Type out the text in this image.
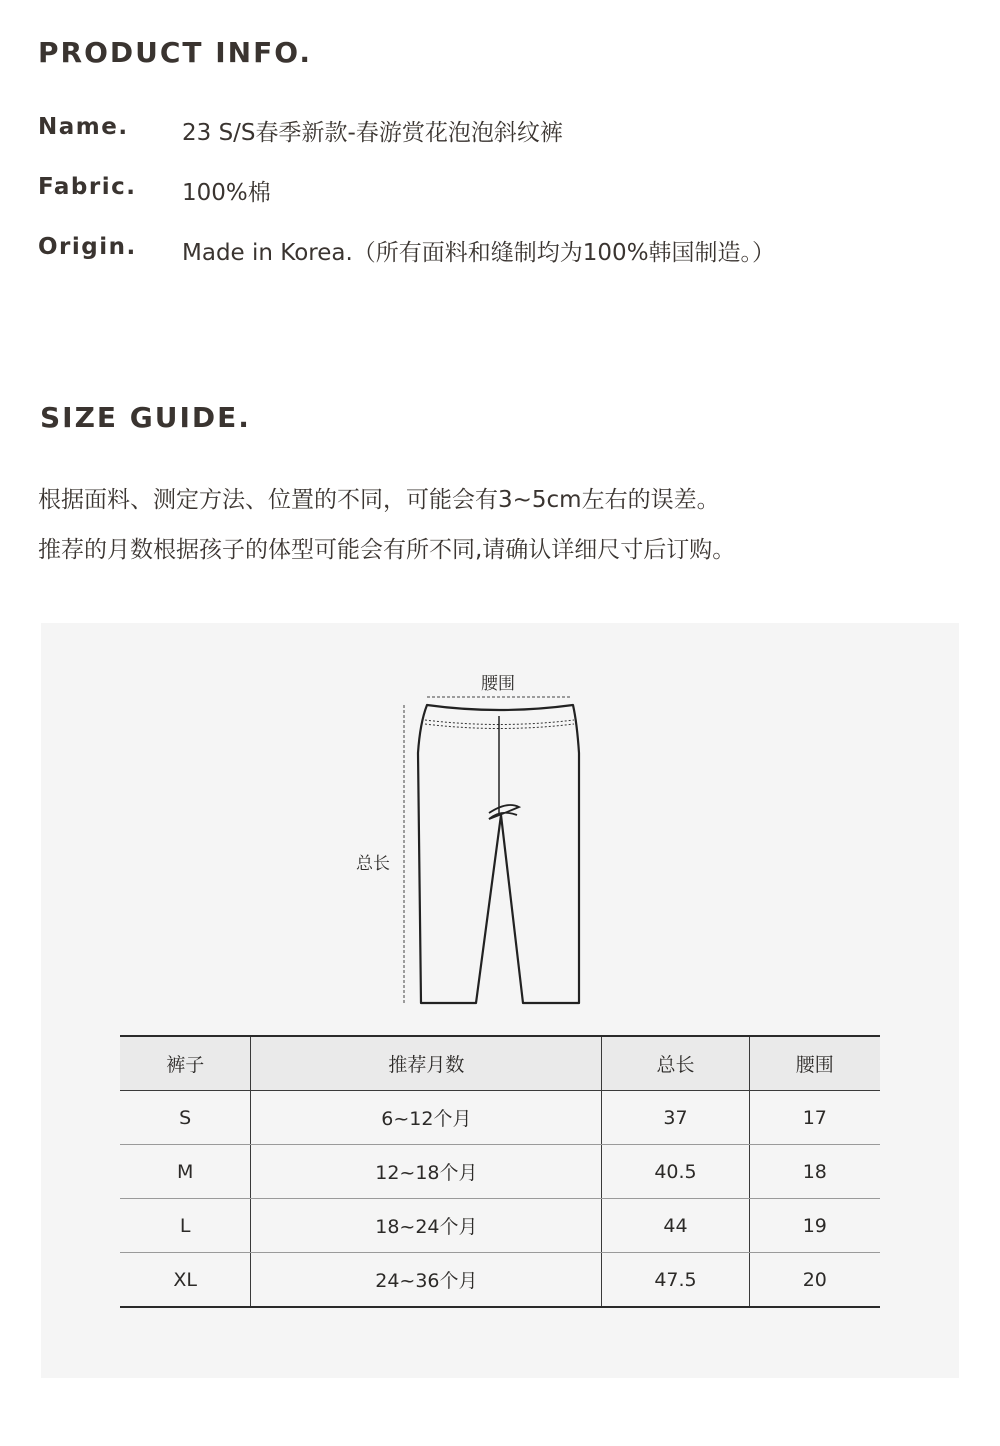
PRODUCT INFO.
Name. 23 S/S春季新款-春游赏花泡泡斜纹裤
Fabric. 100%棉
Origin. Made in Korea.（所有面料和缝制均为100%韩国制造。）
SIZE GUIDE.
根据面料、测定方法、位置的不同，可能会有3~5cm左右的误差。
推荐的月数根据孩子的体型可能会有所不同,请确认详细尺寸后订购。
腰围
总长
裤子	推荐月数	总长	腰围
S	6~12个月	37	17
M	12~18个月	40.5	18
L	18~24个月	44	19
XL	24~36个月	47.5	20
